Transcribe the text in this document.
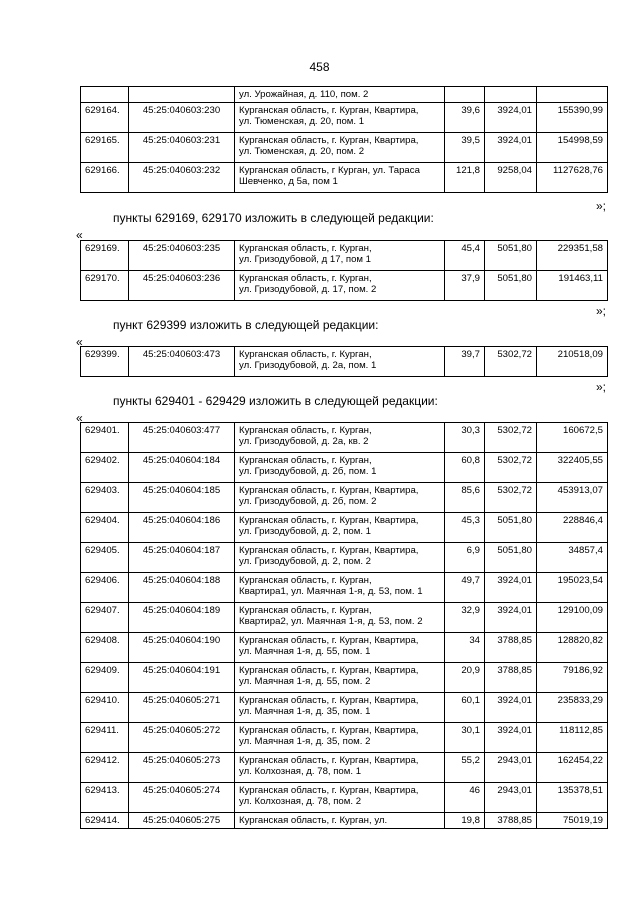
458

		ул. Урожайная, д. 110, пом. 2			

629164.	45:25:040603:230	Курганская область, г. Курган, Квартира,
ул. Тюменская, д. 20, пом. 1	39,6	3924,01	155390,99
629165.	45:25:040603:231	Курганская область, г. Курган, Квартира,
ул. Тюменская, д. 20, пом. 2	39,5	3924,01	154998,59
629166.	45:25:040603:232	Курганская область, г Курган, ул. Тараса
Шевченко, д 5а, пом 1	121,8	9258,04	1127628,76
»;
пункты 629169, 629170 изложить в следующей редакции:
«
629169.	45:25:040603:235	Курганская область, г. Курган,
ул. Гризодубовой, д 17, пом 1	45,4	5051,80	229351,58
629170.	45:25:040603:236	Курганская область, г. Курган,
ул. Гризодубовой, д. 17, пом. 2	37,9	5051,80	191463,11
»;
пункт 629399 изложить в следующей редакции:
«
629399.	45:25:040603:473	Курганская область, г. Курган,
ул. Гризодубовой, д. 2а, пом. 1
	39,7	5302,72	210518,09
»;
пункты 629401 - 629429 изложить в следующей редакции:
«
629401.	45:25:040603:477	Курганская область, г. Курган,
ул. Гризодубовой, д. 2а, кв. 2	30,3	5302,72	160672,5
629402.	45:25:040604:184	Курганская область, г. Курган,
ул. Гризодубовой, д. 2б, пом. 1	60,8	5302,72	322405,55
629403.	45:25:040604:185	Курганская область, г. Курган, Квартира,
ул. Гризодубовой, д. 2б, пом. 2	85,6	5302,72	453913,07
629404.	45:25:040604:186	Курганская область, г. Курган, Квартира,
ул. Гризодубовой, д. 2, пом. 1	45,3	5051,80	228846,4
629405.	45:25:040604:187	Курганская область, г. Курган, Квартира,
ул. Гризодубовой, д. 2, пом. 2	6,9	5051,80	34857,4
629406.	45:25:040604:188	Курганская область, г. Курган,
Квартира1, ул. Маячная 1-я, д. 53, пом. 1	49,7	3924,01	195023,54
629407.	45:25:040604:189	Курганская область, г. Курган,
Квартира2, ул. Маячная 1-я, д. 53, пом. 2	32,9	3924,01	129100,09
629408.	45:25:040604:190	Курганская область, г. Курган, Квартира,
ул. Маячная 1-я, д. 55, пом. 1	34	3788,85	128820,82
629409.	45:25:040604:191	Курганская область, г. Курган, Квартира,
ул. Маячная 1-я, д. 55, пом. 2	20,9	3788,85	79186,92
629410.	45:25:040605:271	Курганская область, г. Курган, Квартира,
ул. Маячная 1-я, д. 35, пом. 1	60,1	3924,01	235833,29
629411.	45:25:040605:272	Курганская область, г. Курган, Квартира,
ул. Маячная 1-я, д. 35, пом. 2	30,1	3924,01	118112,85
629412.	45:25:040605:273	Курганская область, г. Курган, Квартира,
ул. Колхозная, д. 78, пом. 1	55,2	2943,01	162454,22
629413.	45:25:040605:274	Курганская область, г. Курган, Квартира,
ул. Колхозная, д. 78, пом. 2	46	2943,01	135378,51
629414.	45:25:040605:275	Курганская область, г. Курган, ул.	19,8	3788,85	75019,19
